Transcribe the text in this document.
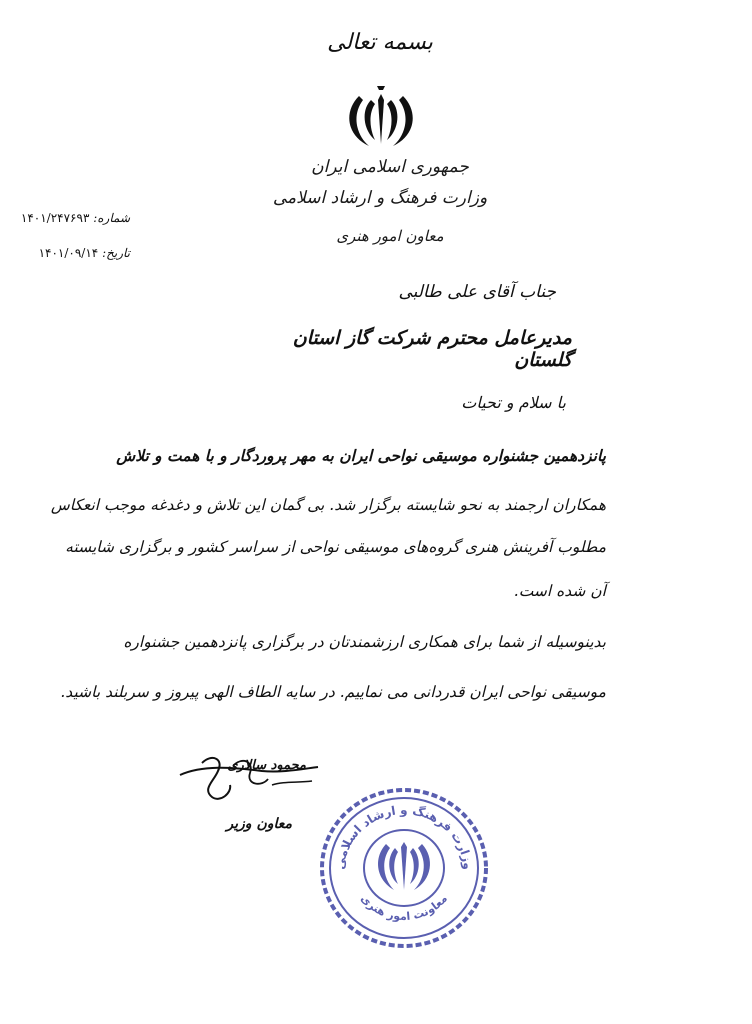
بسمه تعالی
جمهوری اسلامی ایران
وزارت فرهنگ و ارشاد اسلامی
معاون امور هنری
شماره: ۱۴۰۱/۲۴۷۶۹۳
تاریخ: ۱۴۰۱/۰۹/۱۴
جناب آقای علی طالبی
مدیرعامل محترم شرکت گاز استان گلستان
با سلام و تحیات
پانزدهمین جشنواره موسیقی نواحی ایران به مهر پروردگار و با همت و تلاش
همکاران ارجمند به نحو شایسته برگزار شد. بی گمان این تلاش و دغدغه موجب انعکاس
مطلوب آفرینش هنری گروه‌های موسیقی نواحی از سراسر کشور و برگزاری شایسته
آن شده است.
بدینوسیله از شما برای همکاری ارزشمندتان در برگزاری پانزدهمین جشنواره
موسیقی نواحی ایران قدردانی می نماییم. در سایه الطاف الهی پیروز و سربلند باشید.
محمود سالاری
معاون وزیر
وزارت فرهنگ و ارشاد اسلامی
معاونت امور هنری
